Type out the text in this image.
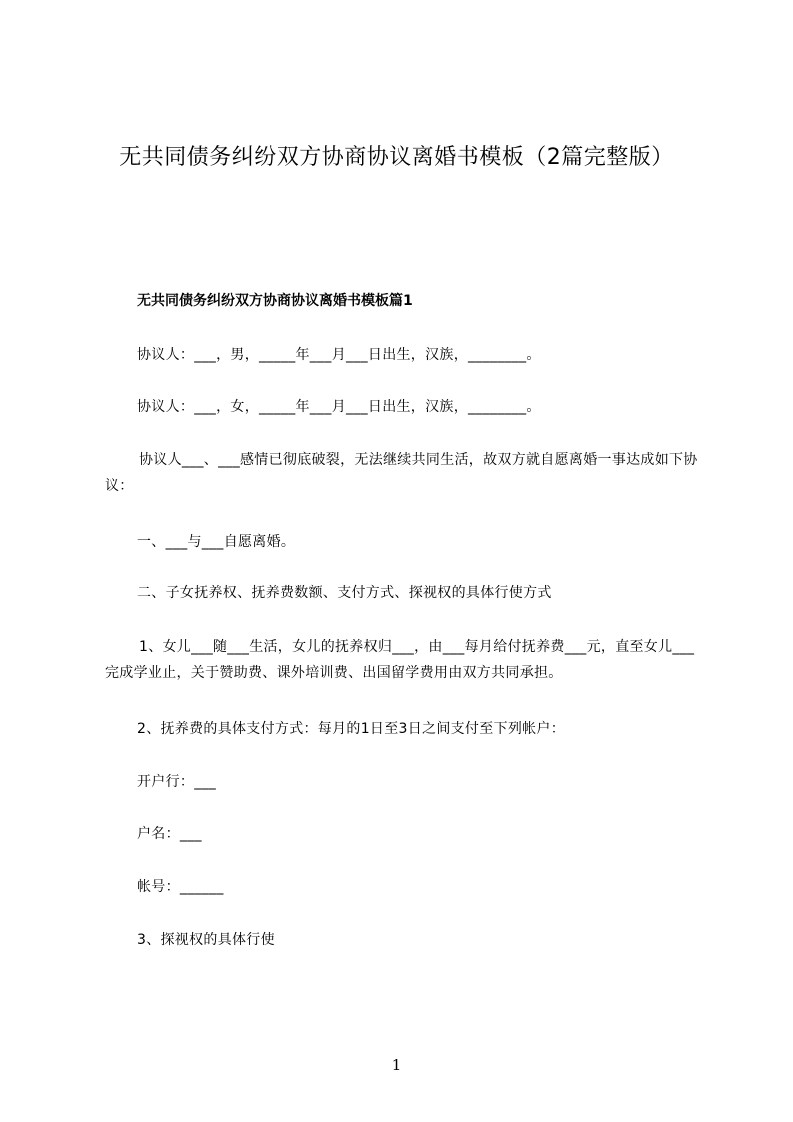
无共同债务纠纷双方协商协议离婚书模板（2篇完整版）
无共同债务纠纷双方协商协议离婚书模板篇1
协议人：___，男，_____年___月___日出生，汉族，________。
协议人：___，女，_____年___月___日出生，汉族，________。
协议人___、___感情已彻底破裂，无法继续共同生活，故双方就自愿离婚一事达成如下协议：
一、___与___自愿离婚。
二、子女抚养权、抚养费数额、支付方式、探视权的具体行使方式
1、女儿___随___生活，女儿的抚养权归___，由___每月给付抚养费___元，直至女儿___完成学业止，关于赞助费、课外培训费、出国留学费用由双方共同承担。
2、抚养费的具体支付方式：每月的1日至3日之间支付至下列帐户：
开户行：___
户名：___
帐号：______
3、探视权的具体行使
1
